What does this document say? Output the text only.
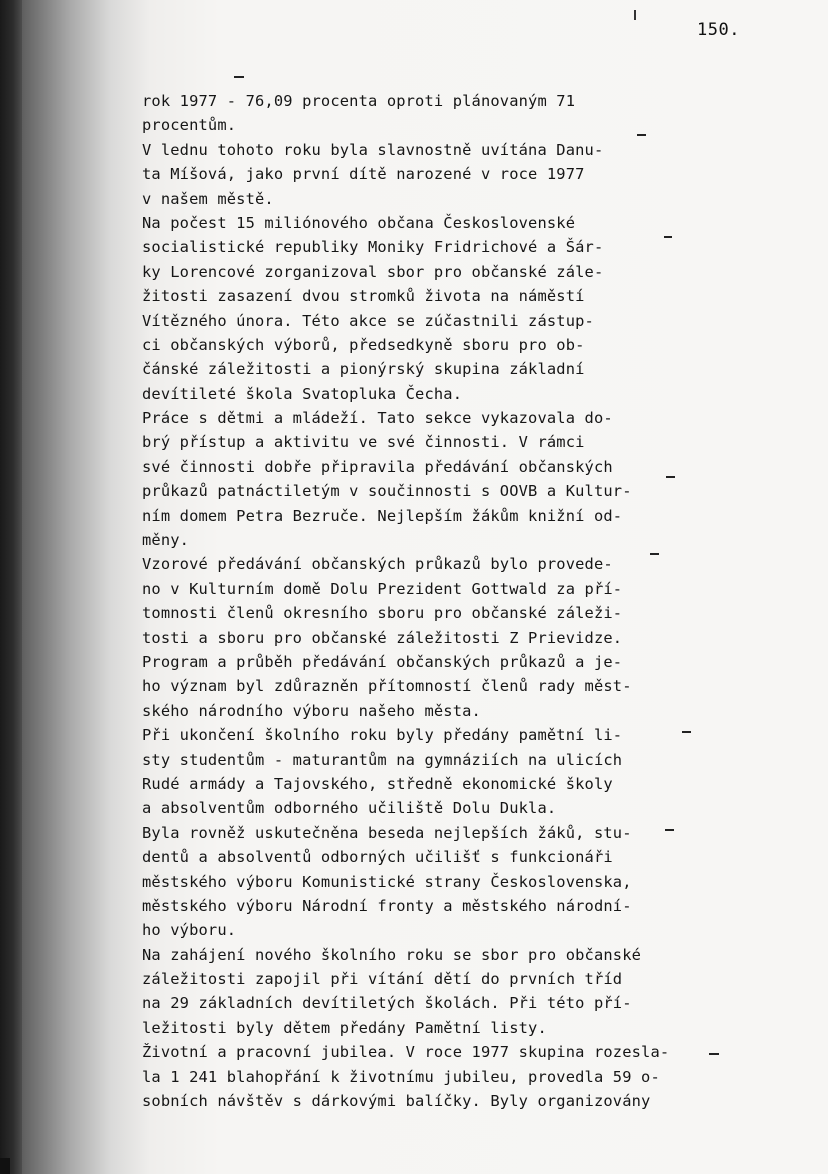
150.
rok 1977 - 76,09 procenta oproti plánovaným 71
procentům.
V lednu tohoto roku byla slavnostně uvítána Danu-
ta Míšová, jako první dítě narozené v roce 1977
v našem městě.
Na počest 15 miliónového občana Československé
socialistické republiky Moniky Fridrichové a Šár-
ky Lorencové zorganizoval sbor pro občanské zále-
žitosti zasazení dvou stromků života na náměstí
Vítězného února. Této akce se zúčastnili zástup-
ci občanských výborů, předsedkyně sboru pro ob-
čánské záležitosti a pionýrský skupina základní
devítileté škola Svatopluka Čecha.
Práce s dětmi a mládeží. Tato sekce vykazovala do-
brý přístup a aktivitu ve své činnosti. V rámci
své činnosti dobře připravila předávání občanských
průkazů patnáctiletým v součinnosti s OOVB a Kultur-
ním domem Petra Bezruče. Nejlepším žákům knižní od-
měny.
Vzorové předávání občanských průkazů bylo provede-
no v Kulturním domě Dolu Prezident Gottwald za pří-
tomnosti členů okresního sboru pro občanské záleži-
tosti a sboru pro občanské záležitosti Z Prievidze.
Program a průběh předávání občanských průkazů a je-
ho význam byl zdůrazněn přítomností členů rady měst-
ského národního výboru našeho města.
Při ukončení školního roku byly předány pamětní li-
sty studentům - maturantům na gymnáziích na ulicích
Rudé armády a Tajovského, středně ekonomické školy
a absolventům odborného učiliště Dolu Dukla.
Byla rovněž uskutečněna beseda nejlepších žáků, stu-
dentů a absolventů odborných učilišť s funkcionáři
městského výboru Komunistické strany Československa,
městského výboru Národní fronty a městského národní-
ho výboru.
Na zahájení nového školního roku se sbor pro občanské
záležitosti zapojil při vítání dětí do prvních tříd
na 29 základních devítiletých školách. Při této pří-
ležitosti byly dětem předány Pamětní listy.
Životní a pracovní jubilea. V roce 1977 skupina rozesla-
la 1 241 blahopřání k životnímu jubileu, provedla 59 o-
sobních návštěv s dárkovými balíčky. Byly organizovány
